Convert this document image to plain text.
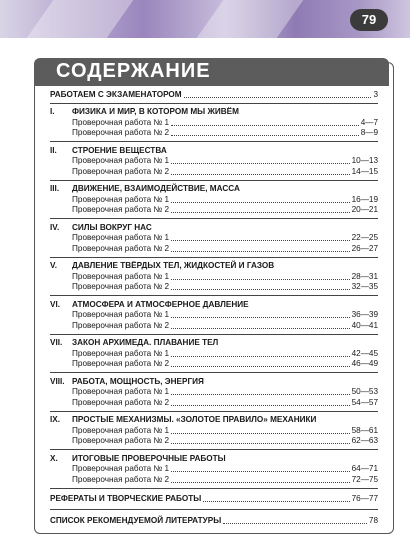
79
СОДЕРЖАНИЕ
РАБОТАЕМ С ЭКЗАМЕНАТОРОМ	3
I.	ФИЗИКА И МИР, В КОТОРОМ МЫ ЖИВЁМ
Проверочная работа № 1	4—7
Проверочная работа № 2	8—9
II.	СТРОЕНИЕ ВЕЩЕСТВА
Проверочная работа № 1	10—13
Проверочная работа № 2	14—15
III.	ДВИЖЕНИЕ, ВЗАИМОДЕЙСТВИЕ, МАССА
Проверочная работа № 1	16—19
Проверочная работа № 2	20—21
IV.	СИЛЫ ВОКРУГ НАС
Проверочная работа № 1	22—25
Проверочная работа № 2	26—27
V.	ДАВЛЕНИЕ ТВЁРДЫХ ТЕЛ, ЖИДКОСТЕЙ И ГАЗОВ
Проверочная работа № 1	28—31
Проверочная работа № 2	32—35
VI.	АТМОСФЕРА И АТМОСФЕРНОЕ ДАВЛЕНИЕ
Проверочная работа № 1	36—39
Проверочная работа № 2	40—41
VII.	ЗАКОН АРХИМЕДА. ПЛАВАНИЕ ТЕЛ
Проверочная работа № 1	42—45
Проверочная работа № 2	46—49
VIII. РАБОТА, МОЩНОСТЬ, ЭНЕРГИЯ
Проверочная работа № 1	50—53
Проверочная работа № 2	54—57
IX.	ПРОСТЫЕ МЕХАНИЗМЫ. «ЗОЛОТОЕ ПРАВИЛО» МЕХАНИКИ
Проверочная работа № 1	58—61
Проверочная работа № 2	62—63
X.	ИТОГОВЫЕ ПРОВЕРОЧНЫЕ РАБОТЫ
Проверочная работа № 1	64—71
Проверочная работа № 2	72—75
РЕФЕРАТЫ И ТВОРЧЕСКИЕ РАБОТЫ	76—77
СПИСОК РЕКОМЕНДУЕМОЙ ЛИТЕРАТУРЫ	78
